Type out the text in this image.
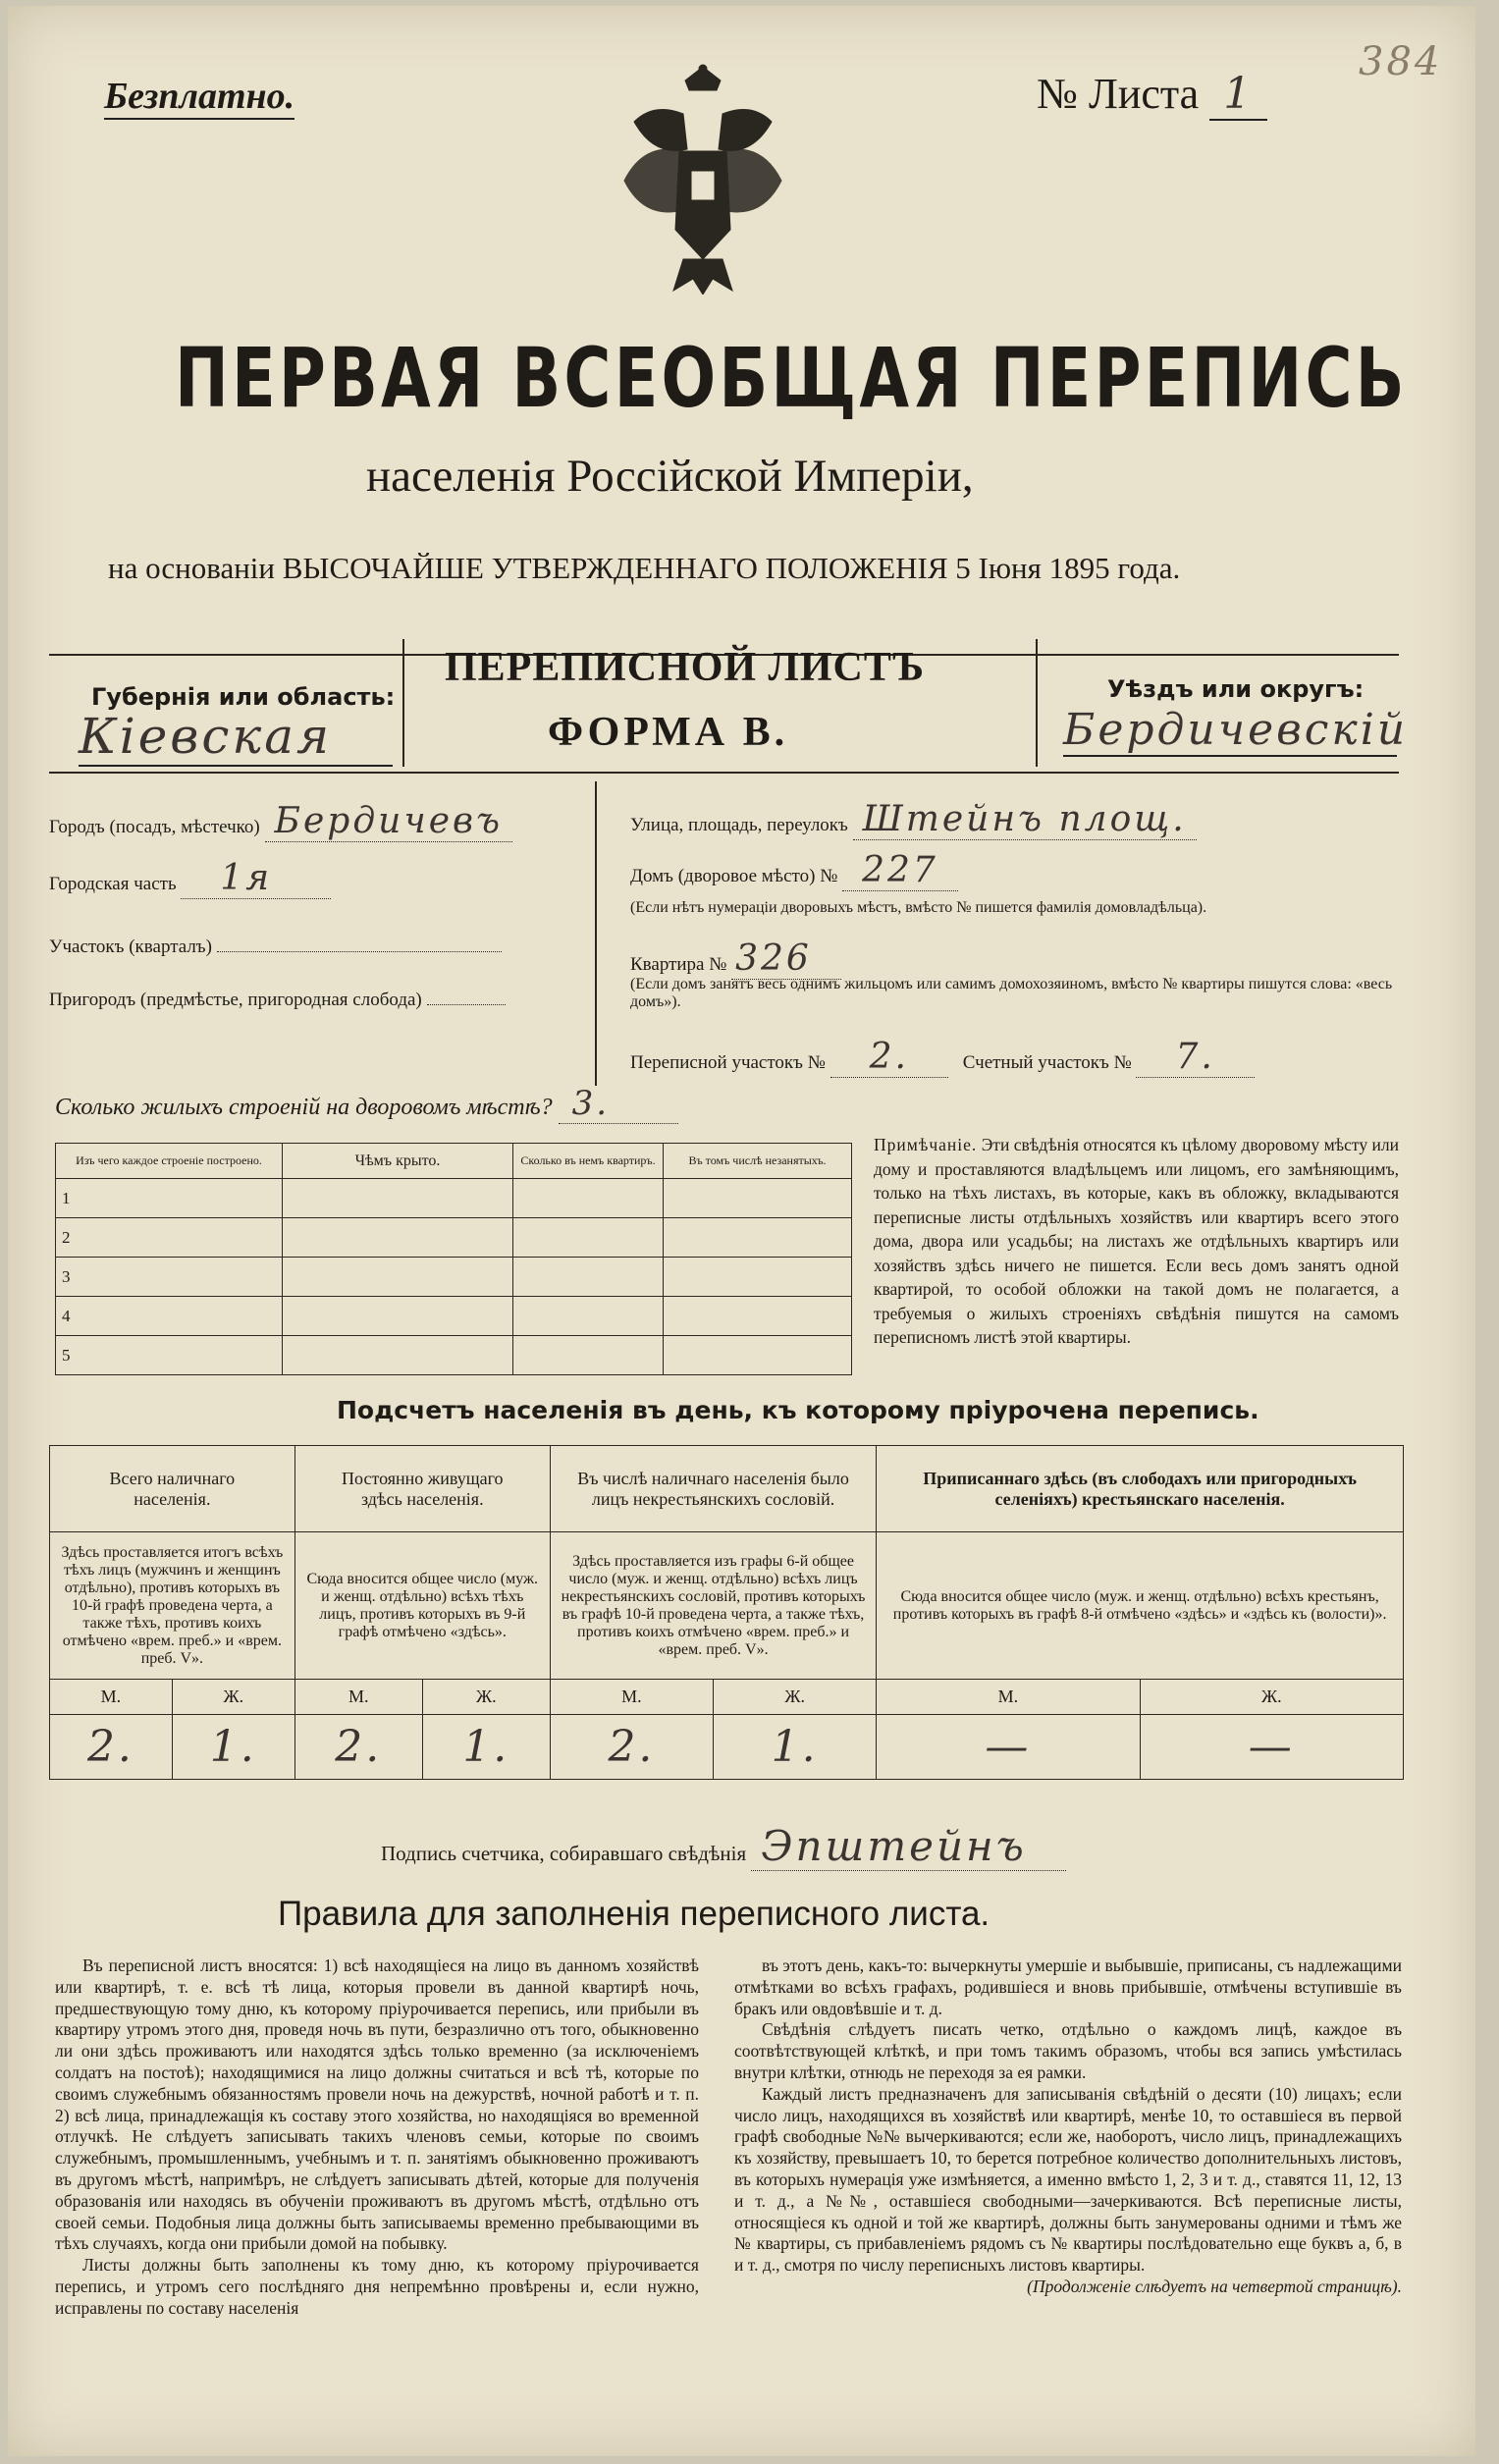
Безплатно.	№ Листа 1
384
ПЕРВАЯ ВСЕОБЩАЯ ПЕРЕПИСЬ
населенія Россійской Имперіи,
на основаніи ВЫСОЧАЙШЕ УТВЕРЖДЕННАГО ПОЛОЖЕНІЯ 5 Іюня 1895 года.
Губернія или область:
Кіевская
ПЕРЕПИСНОЙ ЛИСТЪ
ФОРМА В.
Уѣздъ или округъ:
Бердичевскій
Городъ (посадъ, мѣстечко) Бердичевъ
Городская часть 1я
Участокъ (кварталъ)
Пригородъ (предмѣстье, пригородная слобода)
Улица, площадь, переулокъ Штейнъ площ.
Домъ (дворовое мѣсто) № 227
(Если нѣтъ нумераціи дворовыхъ мѣстъ, вмѣсто № пишется фамилія домовладѣльца).
Квартира № 326
(Если домъ занятъ весь однимъ жильцомъ или самимъ домохозяиномъ, вмѣсто № квартиры пишутся слова: «весь домъ»).
Переписной участокъ № 2.	Счетный участокъ № 7.
Сколько жилыхъ строеній на дворовомъ мѣстѣ? 3.
Изъ чего каждое строеніе построено.	Чѣмъ крыто.	Сколько въ немъ квартиръ.	Въ томъ числѣ незанятыхъ.
1			
2			
3			
4			
5			
Примѣчаніе. Эти свѣдѣнія относятся къ цѣлому дворовому мѣсту или дому и проставляются владѣльцемъ или лицомъ, его замѣняющимъ, только на тѣхъ листахъ, въ которые, какъ въ обложку, вкладываются переписные листы отдѣльныхъ хозяйствъ или квартиръ всего этого дома, двора или усадьбы; на листахъ же отдѣльныхъ квартиръ или хозяйствъ здѣсь ничего не пишется. Если весь домъ занятъ одной квартирой, то особой обложки на такой домъ не полагается, а требуемыя о жилыхъ строеніяхъ свѣдѣнія пишутся на самомъ переписномъ листѣ этой квартиры.
Подсчетъ населенія въ день, къ которому пріурочена перепись.
Всего наличнаго населенія.		Постоянно живущаго здѣсь населенія.		Въ числѣ наличнаго населенія было лицъ некрестьянскихъ сословій.		Приписаннаго здѣсь (въ слободахъ или пригородныхъ селеніяхъ) крестьянскаго населенія.	
Здѣсь проставляется итогъ всѣхъ тѣхъ лицъ (мужчинъ и женщинъ отдѣльно), противъ которыхъ въ 10-й графѣ проведена черта, а также тѣхъ, противъ коихъ отмѣчено «врем. преб.» и «врем. преб. V».		Сюда вносится общее число (муж. и женщ. отдѣльно) всѣхъ тѣхъ лицъ, противъ которыхъ въ 9-й графѣ отмѣчено «здѣсь».		Здѣсь проставляется изъ графы 6-й общее число (муж. и женщ. отдѣльно) всѣхъ лицъ некрестьянскихъ сословій, противъ которыхъ въ графѣ 10-й проведена черта, а также тѣхъ, противъ коихъ отмѣчено «врем. преб.» и «врем. преб. V».		Сюда вносится общее число (муж. и женщ. отдѣльно) всѣхъ крестьянъ, противъ которыхъ въ графѣ 8-й отмѣчено «здѣсь» и «здѣсь къ (волости)».	
М.	Ж.	М.	Ж.	М.	Ж.	М.	Ж.
2.	1.	2.	1.	2.	1.	—	—
Подпись счетчика, собиравшаго свѣдѣнія Эпштейнъ
Правила для заполненія переписного листа.

Въ переписной листъ вносятся: 1) всѣ находящіеся на лицо въ данномъ хозяйствѣ или квартирѣ, т. е. всѣ тѣ лица, которыя провели въ данной квартирѣ ночь, предшествующую тому дню, къ которому пріурочивается перепись, или прибыли въ квартиру утромъ этого дня, проведя ночь въ пути, безразлично отъ того, обыкновенно ли они здѣсь проживаютъ или находятся здѣсь только временно (за исключеніемъ солдатъ на постоѣ); находящимися на лицо должны считаться и всѣ тѣ, которые по своимъ служебнымъ обязанностямъ провели ночь на дежурствѣ, ночной работѣ и т. п. 2) всѣ лица, принадлежащія къ составу этого хозяйства, но находящіяся во временной отлучкѣ. Не слѣдуетъ записывать такихъ членовъ семьи, которые по своимъ служебнымъ, промышленнымъ, учебнымъ и т. п. занятіямъ обыкновенно проживаютъ въ другомъ мѣстѣ, напримѣръ, не слѣдуетъ записывать дѣтей, которые для полученія образованія или находясь въ обученіи проживаютъ въ другомъ мѣстѣ, отдѣльно отъ своей семьи. Подобныя лица должны быть записываемы временно пребывающими въ тѣхъ случаяхъ, когда они прибыли домой на побывку.

Листы должны быть заполнены къ тому дню, къ которому пріурочивается перепись, и утромъ сего послѣдняго дня непремѣнно провѣрены и, если нужно, исправлены по составу населенія

въ этотъ день, какъ-то: вычеркнуты умершіе и выбывшіе, приписаны, съ надлежащими отмѣтками во всѣхъ графахъ, родившіеся и вновь прибывшіе, отмѣчены вступившіе въ бракъ или овдовѣвшіе и т. д.

Свѣдѣнія слѣдуетъ писать четко, отдѣльно о каждомъ лицѣ, каждое въ соотвѣтствующей клѣткѣ, и при томъ такимъ образомъ, чтобы вся запись умѣстилась внутри клѣтки, отнюдь не переходя за ея рамки.

Каждый листъ предназначенъ для записыванія свѣдѣній о десяти (10) лицахъ; если число лицъ, находящихся въ хозяйствѣ или квартирѣ, менѣе 10, то оставшіеся въ первой графѣ свободные №№ вычеркиваются; если же, наоборотъ, число лицъ, принадлежащихъ къ хозяйству, превышаетъ 10, то берется потребное количество дополнительныхъ листовъ, въ которыхъ нумерація уже измѣняется, а именно вмѣсто 1, 2, 3 и т. д., ставятся 11, 12, 13 и т. д., а №№, оставшіеся свободными—зачеркиваются. Всѣ переписные листы, относящіеся къ одной и той же квартирѣ, должны быть занумерованы одними и тѣмъ же № квартиры, съ прибавленіемъ рядомъ съ № квартиры послѣдовательно еще буквъ а, б, в и т. д., смотря по числу переписныхъ листовъ квартиры.

(Продолженіе слѣдуетъ на четвертой страницѣ).
